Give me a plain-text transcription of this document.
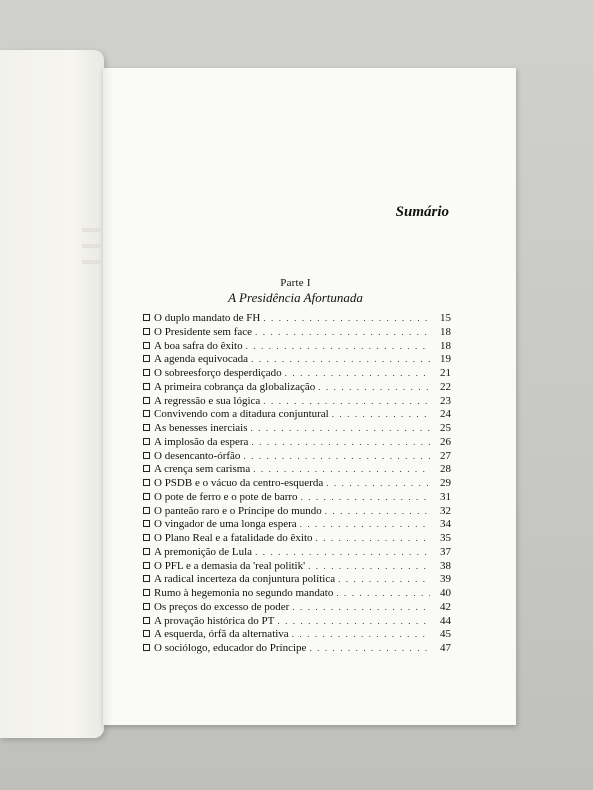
Sumário
Parte I
A Presidência Afortunada
O duplo mandato de FH . . .	15
O Presidente sem face . . .	18
A boa safra do êxito . . .	18
A agenda equivocada . . .	19
O sobreesforço desperdiçado . . .	21
A primeira cobrança da globalização . . .	22
A regressão e sua lógica . . .	23
Convivendo com a ditadura conjuntural . . .	24
As benesses inerciais . . .	25
A implosão da espera . . .	26
O desencanto-órfão . . .	27
A crença sem carisma . . .	28
O PSDB e o vácuo da centro-esquerda . . .	29
O pote de ferro e o pote de barro . . .	31
O panteão raro e o Príncipe do mundo . . .	32
O vingador de uma longa espera . . .	34
O Plano Real e a fatalidade do êxito . . .	35
A premonição de Lula . . .	37
O PFL e a demasia da 'real politik' . . .	38
A radical incerteza da conjuntura política . . .	39
Rumo à hegemonia no segundo mandato . . .	40
Os preços do excesso de poder . . .	42
A provação histórica do PT . . .	44
A esquerda, órfã da alternativa . . .	45
O sociólogo, educador do Príncipe . . .	47
